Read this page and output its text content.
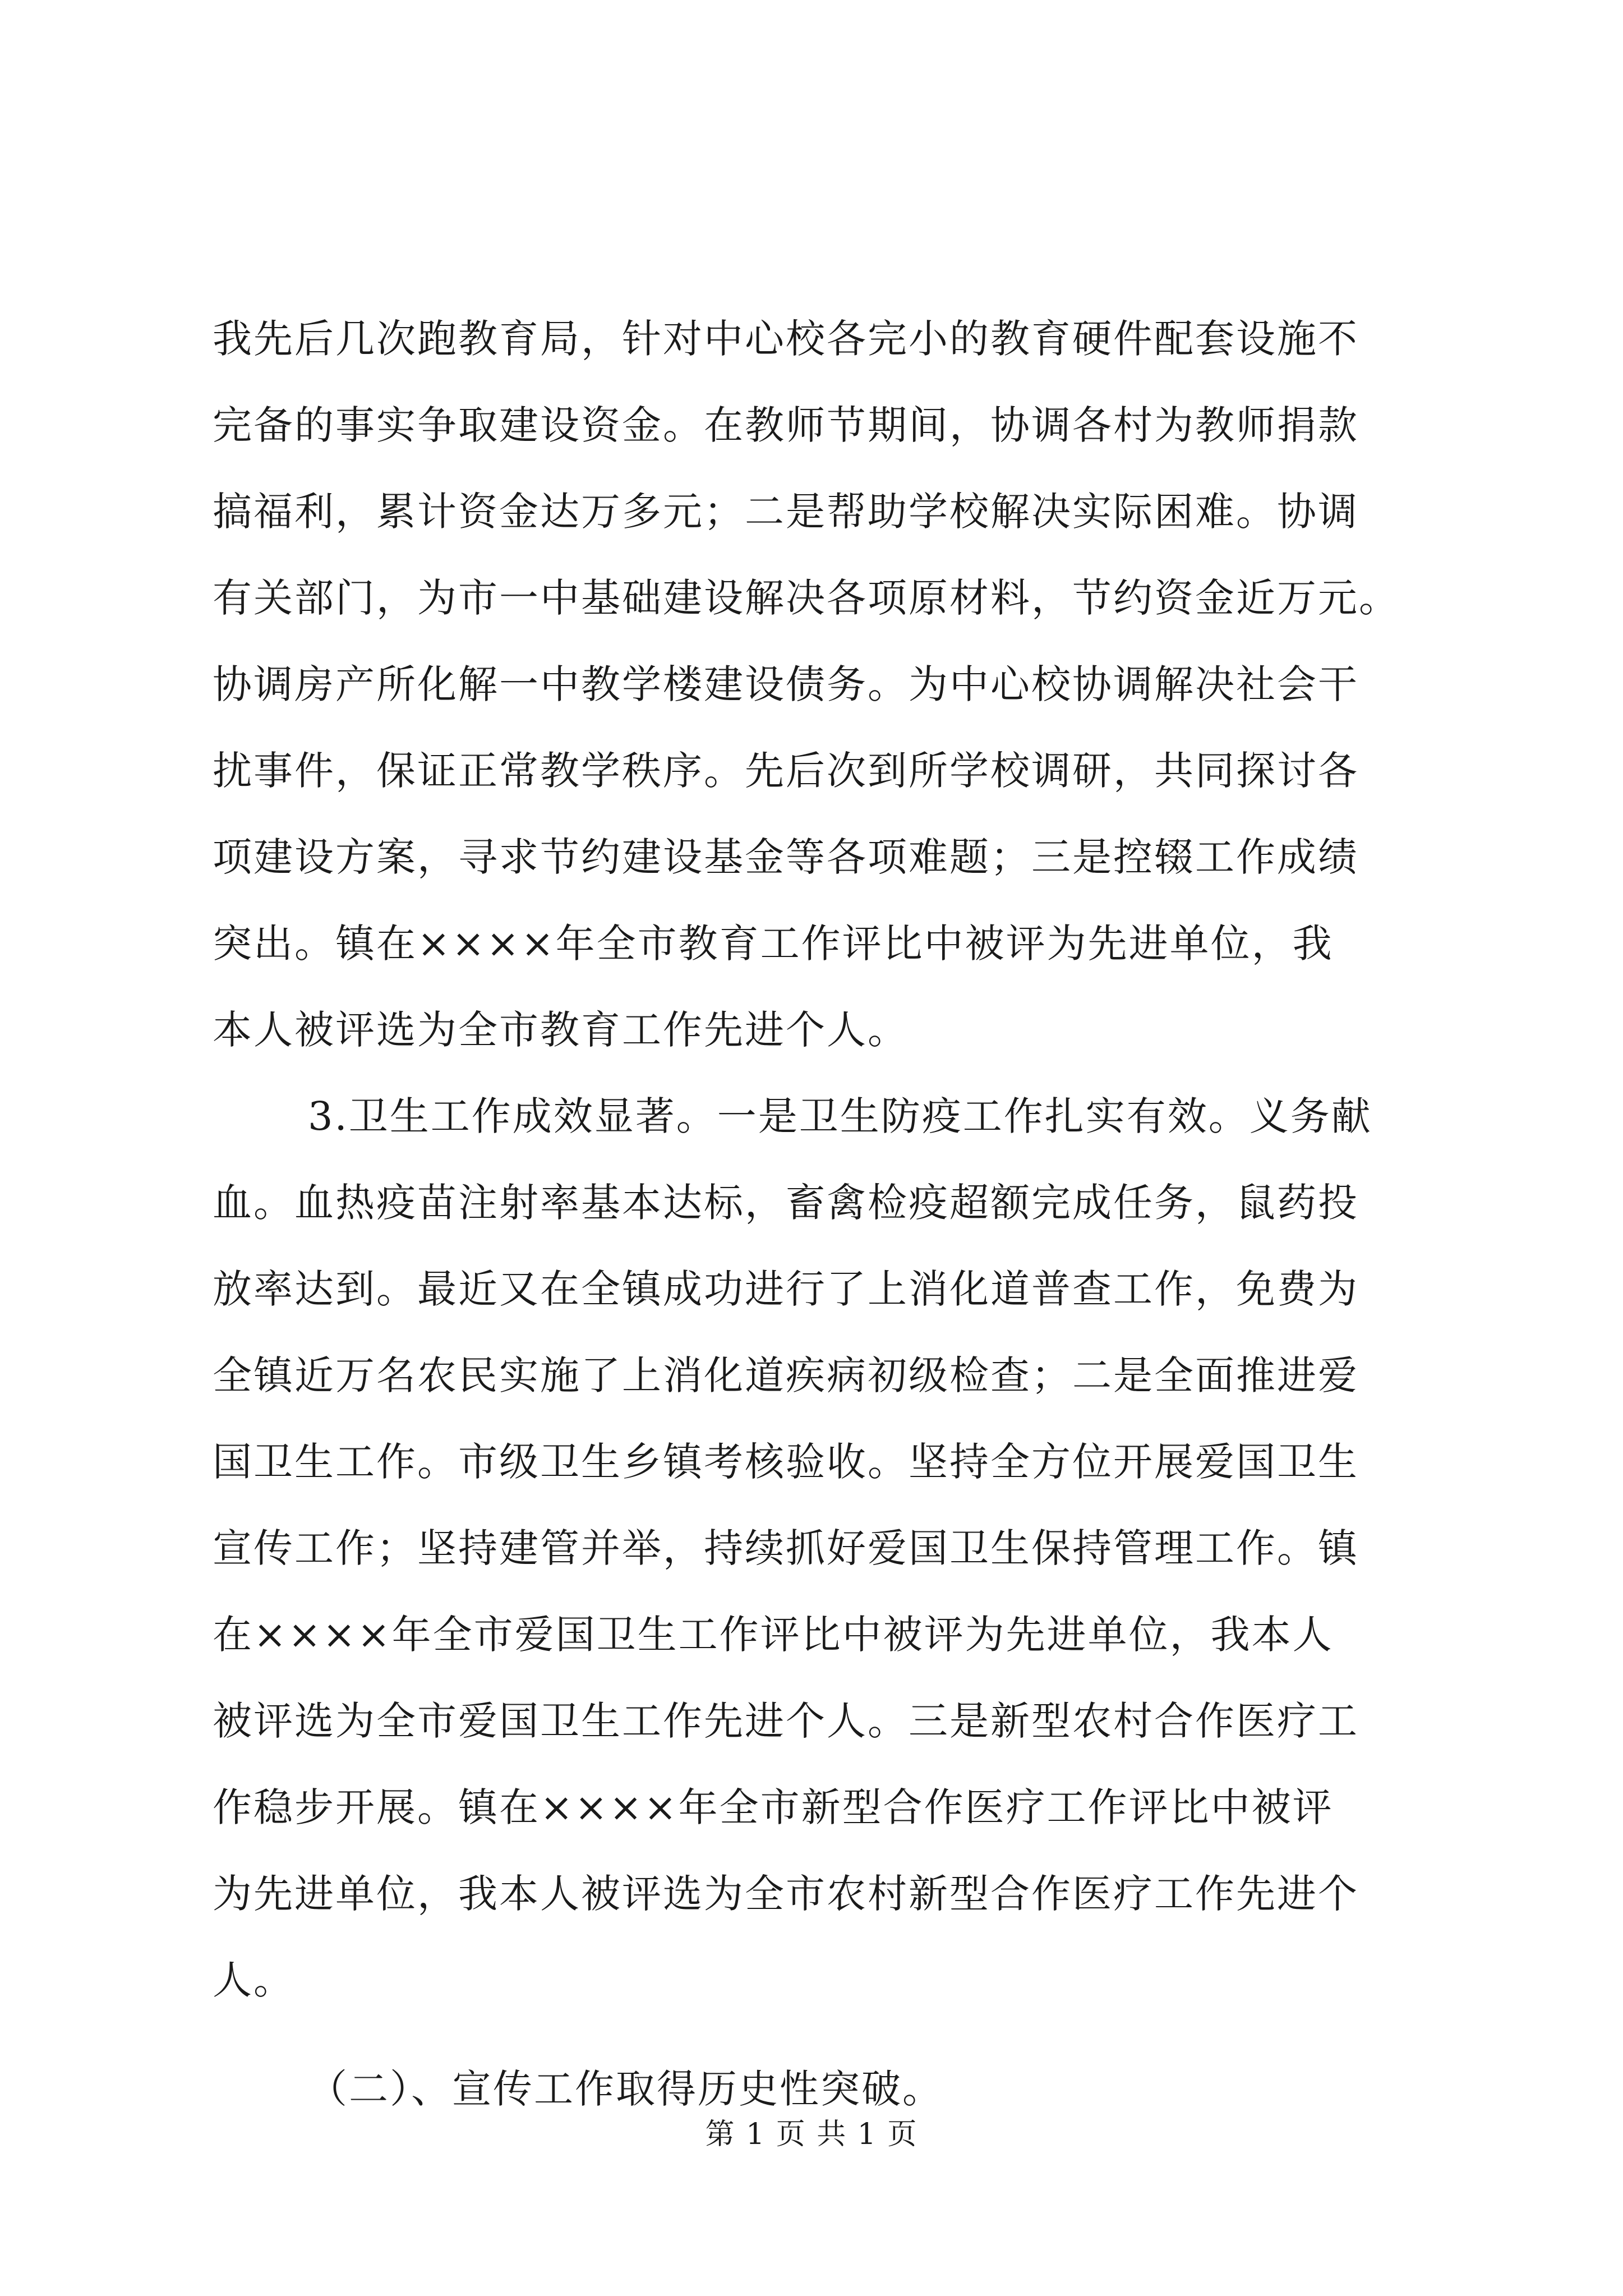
我先后几次跑教育局，针对中心校各完小的教育硬件配套设施不
完备的事实争取建设资金。在教师节期间，协调各村为教师捐款
搞福利，累计资金达万多元；二是帮助学校解决实际困难。协调
有关部门，为市一中基础建设解决各项原材料，节约资金近万元。
协调房产所化解一中教学楼建设债务。为中心校协调解决社会干
扰事件，保证正常教学秩序。先后次到所学校调研，共同探讨各
项建设方案，寻求节约建设基金等各项难题；三是控辍工作成绩
突出。镇在××××年全市教育工作评比中被评为先进单位，我
本人被评选为全市教育工作先进个人。
3.卫生工作成效显著。一是卫生防疫工作扎实有效。义务献
血。血热疫苗注射率基本达标，畜禽检疫超额完成任务，鼠药投
放率达到。最近又在全镇成功进行了上消化道普查工作，免费为
全镇近万名农民实施了上消化道疾病初级检查；二是全面推进爱
国卫生工作。市级卫生乡镇考核验收。坚持全方位开展爱国卫生
宣传工作；坚持建管并举，持续抓好爱国卫生保持管理工作。镇
在××××年全市爱国卫生工作评比中被评为先进单位，我本人
被评选为全市爱国卫生工作先进个人。三是新型农村合作医疗工
作稳步开展。镇在××××年全市新型合作医疗工作评比中被评
为先进单位，我本人被评选为全市农村新型合作医疗工作先进个
人。
（二）、宣传工作取得历史性突破。
第 1 页 共 1 页
